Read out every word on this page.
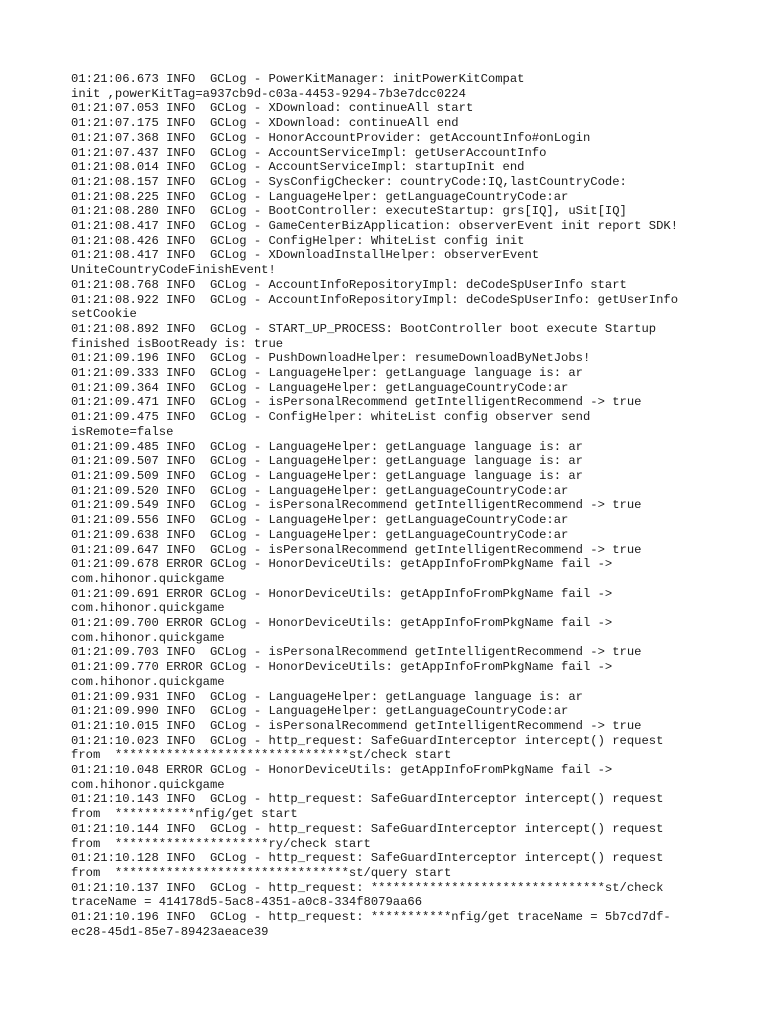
01:21:06.673 INFO  GCLog - PowerKitManager: initPowerKitCompat
init ,powerKitTag=a937cb9d-c03a-4453-9294-7b3e7dcc0224
01:21:07.053 INFO  GCLog - XDownload: continueAll start
01:21:07.175 INFO  GCLog - XDownload: continueAll end
01:21:07.368 INFO  GCLog - HonorAccountProvider: getAccountInfo#onLogin
01:21:07.437 INFO  GCLog - AccountServiceImpl: getUserAccountInfo
01:21:08.014 INFO  GCLog - AccountServiceImpl: startupInit end
01:21:08.157 INFO  GCLog - SysConfigChecker: countryCode:IQ,lastCountryCode:
01:21:08.225 INFO  GCLog - LanguageHelper: getLanguageCountryCode:ar
01:21:08.280 INFO  GCLog - BootController: executeStartup: grs[IQ], uSit[IQ]
01:21:08.417 INFO  GCLog - GameCenterBizApplication: observerEvent init report SDK!
01:21:08.426 INFO  GCLog - ConfigHelper: WhiteList config init
01:21:08.417 INFO  GCLog - XDownloadInstallHelper: observerEvent
UniteCountryCodeFinishEvent!
01:21:08.768 INFO  GCLog - AccountInfoRepositoryImpl: deCodeSpUserInfo start
01:21:08.922 INFO  GCLog - AccountInfoRepositoryImpl: deCodeSpUserInfo: getUserInfo
setCookie
01:21:08.892 INFO  GCLog - START_UP_PROCESS: BootController boot execute Startup
finished isBootReady is: true
01:21:09.196 INFO  GCLog - PushDownloadHelper: resumeDownloadByNetJobs!
01:21:09.333 INFO  GCLog - LanguageHelper: getLanguage language is: ar
01:21:09.364 INFO  GCLog - LanguageHelper: getLanguageCountryCode:ar
01:21:09.471 INFO  GCLog - isPersonalRecommend getIntelligentRecommend -> true
01:21:09.475 INFO  GCLog - ConfigHelper: whiteList config observer send
isRemote=false
01:21:09.485 INFO  GCLog - LanguageHelper: getLanguage language is: ar
01:21:09.507 INFO  GCLog - LanguageHelper: getLanguage language is: ar
01:21:09.509 INFO  GCLog - LanguageHelper: getLanguage language is: ar
01:21:09.520 INFO  GCLog - LanguageHelper: getLanguageCountryCode:ar
01:21:09.549 INFO  GCLog - isPersonalRecommend getIntelligentRecommend -> true
01:21:09.556 INFO  GCLog - LanguageHelper: getLanguageCountryCode:ar
01:21:09.638 INFO  GCLog - LanguageHelper: getLanguageCountryCode:ar
01:21:09.647 INFO  GCLog - isPersonalRecommend getIntelligentRecommend -> true
01:21:09.678 ERROR GCLog - HonorDeviceUtils: getAppInfoFromPkgName fail ->
com.hihonor.quickgame
01:21:09.691 ERROR GCLog - HonorDeviceUtils: getAppInfoFromPkgName fail ->
com.hihonor.quickgame
01:21:09.700 ERROR GCLog - HonorDeviceUtils: getAppInfoFromPkgName fail ->
com.hihonor.quickgame
01:21:09.703 INFO  GCLog - isPersonalRecommend getIntelligentRecommend -> true
01:21:09.770 ERROR GCLog - HonorDeviceUtils: getAppInfoFromPkgName fail ->
com.hihonor.quickgame
01:21:09.931 INFO  GCLog - LanguageHelper: getLanguage language is: ar
01:21:09.990 INFO  GCLog - LanguageHelper: getLanguageCountryCode:ar
01:21:10.015 INFO  GCLog - isPersonalRecommend getIntelligentRecommend -> true
01:21:10.023 INFO  GCLog - http_request: SafeGuardInterceptor intercept() request
from  ********************************st/check start
01:21:10.048 ERROR GCLog - HonorDeviceUtils: getAppInfoFromPkgName fail ->
com.hihonor.quickgame
01:21:10.143 INFO  GCLog - http_request: SafeGuardInterceptor intercept() request
from  ***********nfig/get start
01:21:10.144 INFO  GCLog - http_request: SafeGuardInterceptor intercept() request
from  *********************ry/check start
01:21:10.128 INFO  GCLog - http_request: SafeGuardInterceptor intercept() request
from  ********************************st/query start
01:21:10.137 INFO  GCLog - http_request: ********************************st/check
traceName = 414178d5-5ac8-4351-a0c8-334f8079aa66
01:21:10.196 INFO  GCLog - http_request: ***********nfig/get traceName = 5b7cd7df-
ec28-45d1-85e7-89423aeace39
